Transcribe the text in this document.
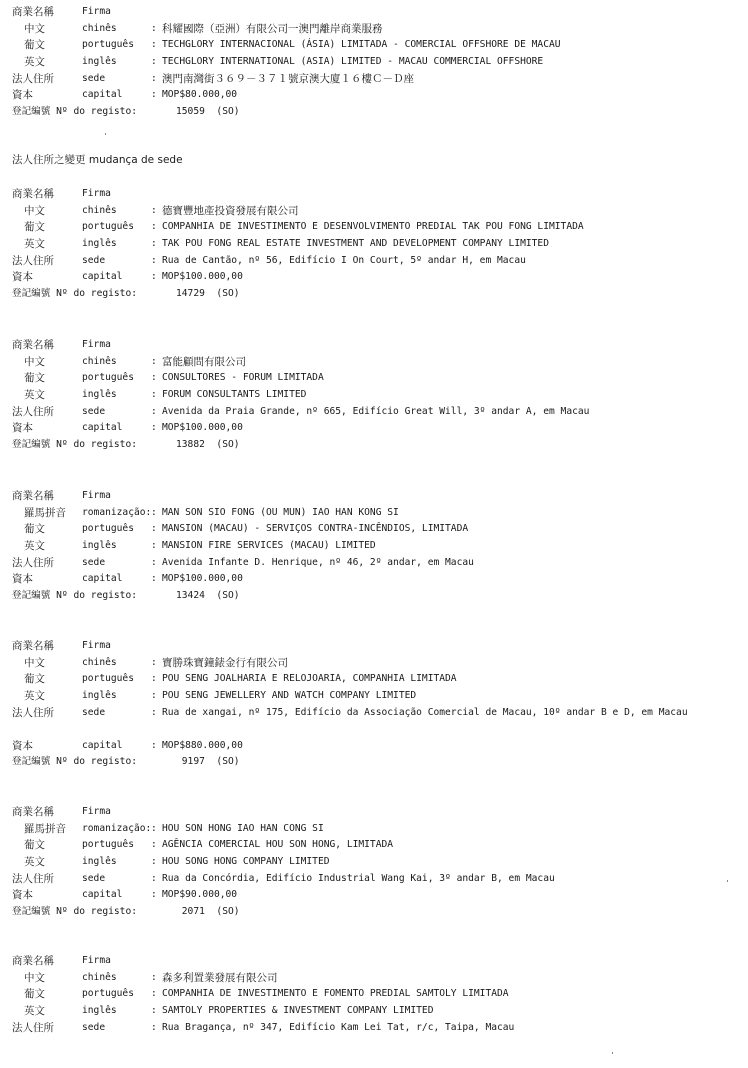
商業名稱	Firma
中文	chinês	: 科耀國際（亞洲）有限公司一澳門離岸商業服務
葡文	português : TECHGLORY INTERNACIONAL (ÁSIA) LIMITADA - COMERCIAL OFFSHORE DE MACAU
英文	inglês	: TECHGLORY INTERNATIONAL (ASIA) LIMITED - MACAU COMMERCIAL OFFSHORE
法人住所	sede	: 澳門南灣街３６９－３７１號京澳大廈１６樓Ｃ－Ｄ座
資本	capital	: MOP$80.000,00
登記編號 Nº do registo:	15059  (SO)
法人住所之變更 mudança de sede
商業名稱	Firma
中文	chinês	: 德寶豐地產投資發展有限公司
葡文	português : COMPANHIA DE INVESTIMENTO E DESENVOLVIMENTO PREDIAL TAK POU FONG LIMITADA
英文	inglês	: TAK POU FONG REAL ESTATE INVESTMENT AND DEVELOPMENT COMPANY LIMITED
法人住所	sede	: Rua de Cantão, nº 56, Edifício I On Court, 5º andar H, em Macau
資本	capital	: MOP$100.000,00
登記編號 Nº do registo:	14729  (SO)
商業名稱	Firma
中文	chinês	: 富能顧問有限公司
葡文	português : CONSULTORES - FORUM LIMITADA
英文	inglês	: FORUM CONSULTANTS LIMITED
法人住所	sede	: Avenida da Praia Grande, nº 665, Edifício Great Will, 3º andar A, em Macau
資本	capital	: MOP$100.000,00
登記編號 Nº do registo:	13882  (SO)
商業名稱	Firma
羅馬拼音 romanização: : MAN SON SIO FONG (OU MUN) IAO HAN KONG SI
葡文	português : MANSION (MACAU) - SERVIÇOS CONTRA-INCÊNDIOS, LIMITADA
英文	inglês	: MANSION FIRE SERVICES (MACAU) LIMITED
法人住所	sede	: Avenida Infante D. Henrique, nº 46, 2º andar, em Macau
資本	capital	: MOP$100.000,00
登記編號 Nº do registo:	13424  (SO)
商業名稱	Firma
中文	chinês	: 寶勝珠寶鐘錶金行有限公司
葡文	português : POU SENG JOALHARIA E RELOJOARIA, COMPANHIA LIMITADA
英文	inglês	: POU SENG JEWELLERY AND WATCH COMPANY LIMITED
法人住所	sede	: Rua de xangai, nº 175, Edifício da Associação Comercial de Macau, 10º andar B e D, em Macau
資本	capital	: MOP$880.000,00
登記編號 Nº do registo:	9197  (SO)
商業名稱	Firma
羅馬拼音 romanização: : HOU SON HONG IAO HAN CONG SI
葡文	português : AGÊNCIA COMERCIAL HOU SON HONG, LIMITADA
英文	inglês	: HOU SONG HONG COMPANY LIMITED
法人住所	sede	: Rua da Concórdia, Edifício Industrial Wang Kai, 3º andar B, em Macau
資本	capital	: MOP$90.000,00
登記編號 Nº do registo:	2071  (SO)
商業名稱	Firma
中文	chinês	: 森多利置業發展有限公司
葡文	português : COMPANHIA DE INVESTIMENTO E FOMENTO PREDIAL SAMTOLY LIMITADA
英文	inglês	: SAMTOLY PROPERTIES & INVESTMENT COMPANY LIMITED
法人住所	sede	: Rua Bragança, nº 347, Edifício Kam Lei Tat, r/c, Taipa, Macau
